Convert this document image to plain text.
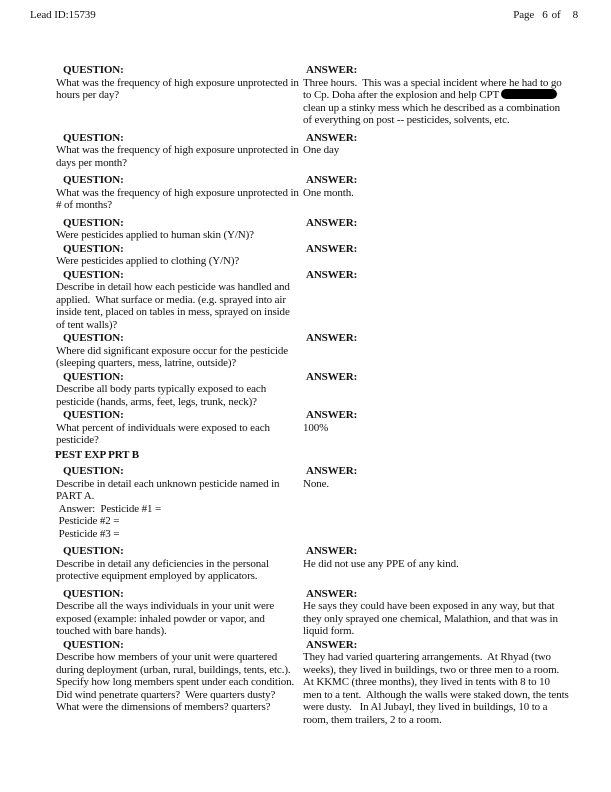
Lead ID:15739	Page 6 of 8
QUESTION:
What was the frequency of high exposure unprotected in hours per day?
ANSWER:
Three hours.  This was a special incident where he had to go to Cp. Doha after the explosion and help CPT clean up a stinky mess which he described as a combination of everything on post -- pesticides, solvents, etc.
QUESTION:
What was the frequency of high exposure unprotected in days per month?
ANSWER:
One day
QUESTION:
What was the frequency of high exposure unprotected in # of months?
ANSWER:
One month.
QUESTION:
Were pesticides applied to human skin (Y/N)?
ANSWER:
QUESTION:
Were pesticides applied to clothing (Y/N)?
ANSWER:
QUESTION:
Describe in detail how each pesticide was handled and applied.  What surface or media. (e.g. sprayed into air inside tent, placed on tables in mess, sprayed on inside of tent walls)?
ANSWER:
QUESTION:
Where did significant exposure occur for the pesticide (sleeping quarters, mess, latrine, outside)?
ANSWER:
QUESTION:
Describe all body parts typically exposed to each pesticide (hands, arms, feet, legs, trunk, neck)?
ANSWER:
QUESTION:
What percent of individuals were exposed to each pesticide?
ANSWER:
100%
PEST EXP PRT B
QUESTION:
Describe in detail each unknown pesticide named in PART A.
Answer:  Pesticide #1 =
Pesticide #2 =
Pesticide #3 =
ANSWER:
None.
QUESTION:
Describe in detail any deficiencies in the personal protective equipment employed by applicators.
ANSWER:
He did not use any PPE of any kind.
QUESTION:
Describe all the ways individuals in your unit were exposed (example: inhaled powder or vapor, and touched with bare hands).
ANSWER:
He says they could have been exposed in any way, but that they only sprayed one chemical, Malathion, and that was in liquid form.
QUESTION:
Describe how members of your unit were quartered during deployment (urban, rural, buildings, tents, etc.). Specify how long members spent under each condition. Did wind penetrate quarters?  Were quarters dusty? What were the dimensions of members? quarters?
ANSWER:
They had varied quartering arrangements.  At Rhyad (two weeks), they lived in buildings, two or three men to a room.  At KKMC (three months), they lived in tents with 8 to 10 men to a tent.  Although the walls were staked down, the tents were dusty.   In Al Jubayl, they lived in buildings, 10 to a room, them trailers, 2 to a room.
